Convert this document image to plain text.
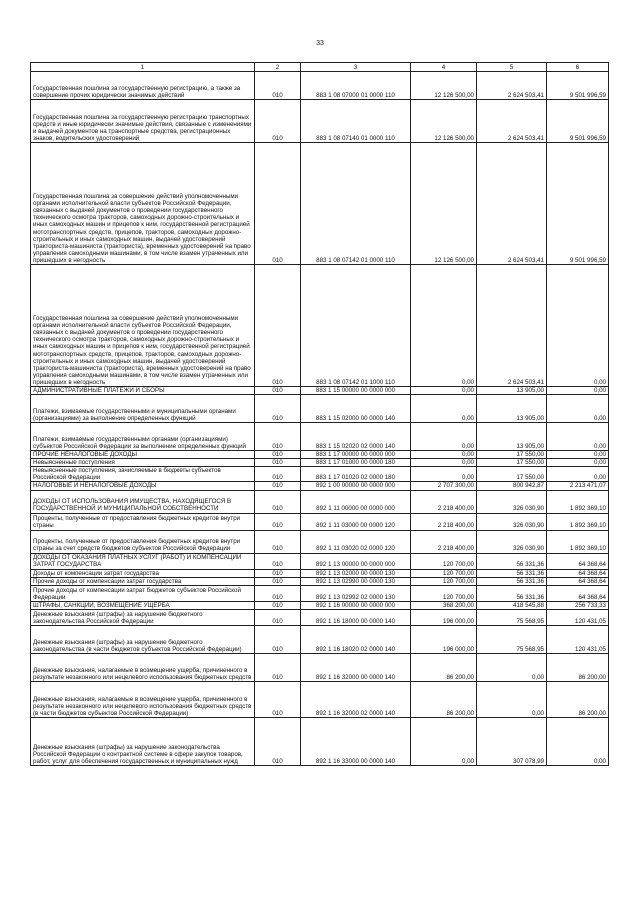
33
1	2	3	4	5	6
Государственная пошлина за государственную регистрацию, а также за совершение прочих юридически значимых действий	010	883 1 08 07000 01 0000 110	12 126 500,00	2 624 503,41	9 501 996,59
Государственная пошлина за государственную регистрацию транспортных средств и иные юридически значимые действия, связанные с изменениями и выдачей документов на транспортные средства, регистрационных знаков, водительских удостоверений	010	883 1 08 07140 01 0000 110	12 126 500,00	2 624 503,41	9 501 996,59
Государственная пошлина за совершение действий уполномоченными органами исполнительной власти субъектов Российской Федерации, связанных с выдачей документов о проведении государственного технического осмотра тракторов, самоходных дорожно-строительных и иных самоходных машин и прицепов к ним, государственной регистрацией мототранспортных средств, прицепов, тракторов, самоходных дорожно-строительных и иных самоходных машин, выдачей удостоверений тракториста-машиниста (тракториста), временных удостоверений на право управления самоходными машинами, в том числе взамен утраченных или пришедших в негодность	010	883 1 08 07142 01 0000 110	12 126 500,00	2 624 503,41	9 501 996,59
Государственная пошлина за совершение действий уполномоченными органами исполнительной власти субъектов Российской Федерации, связанных с выдачей документов о проведении государственного технического осмотра тракторов, самоходных дорожно-строительных и иных самоходных машин и прицепов к ним, государственной регистрацией мототранспортных средств, прицепов, тракторов, самоходных дорожно-строительных и иных самоходных машин, выдачей удостоверений тракториста-машиниста (тракториста), временных удостоверений на право управления самоходными машинами, в том числе взамен утраченных или пришедших в негодность	010	883 1 08 07142 01 1000 110	0,00	2 624 503,41	0,00
АДМИНИСТРАТИВНЫЕ ПЛАТЕЖИ И СБОРЫ	010	883 1 15 00000 00 0000 000	0,00	13 905,00	0,00
Платежи, взимаемые государственными и муниципальными органами (организациями) за выполнение определенных функций	010	883 1 15 02000 00 0000 140	0,00	13 905,00	0,00
Платежи, взимаемые государственными органами (организациями) субъектов Российской Федерации за выполнение определенных функций	010	883 1 15 02020 02 0000 140	0,00	13 905,00	0,00
ПРОЧИЕ НЕНАЛОГОВЫЕ ДОХОДЫ	010	883 1 17 00000 00 0000 000	0,00	17 550,00	0,00
Невыясненные поступления	010	883 1 17 01000 00 0000 180	0,00	17 550,00	0,00
Невыясненные поступления, зачисляемые в бюджеты субъектов Российской Федерации	010	883 1 17 01020 02 0000 180	0,00	17 550,00	0,00
НАЛОГОВЫЕ И НЕНАЛОГОВЫЕ ДОХОДЫ	010	892 1 00 00000 00 0000 000	2 707 300,00	800 942,87	2 213 471,07
ДОХОДЫ ОТ ИСПОЛЬЗОВАНИЯ ИМУЩЕСТВА, НАХОДЯЩЕГОСЯ В ГОСУДАРСТВЕННОЙ И МУНИЦИПАЛЬНОЙ СОБСТВЕННОСТИ	010	892 1 11 00000 00 0000 000	2 218 400,00	326 030,90	1 892 369,10
Проценты, полученные от предоставления бюджетных кредитов внутри страны	010	892 1 11 03000 00 0000 120	2 218 400,00	326 030,90	1 892 369,10
Проценты, полученные от предоставления бюджетных кредитов внутри страны за счет средств бюджетов субъектов Российской Федерации	010	892 1 11 03020 02 0000 120	2 218 400,00	326 030,90	1 892 369,10
ДОХОДЫ ОТ ОКАЗАНИЯ ПЛАТНЫХ УСЛУГ (РАБОТ) И КОМПЕНСАЦИИ ЗАТРАТ ГОСУДАРСТВА	010	892 1 13 00000 00 0000 000	120 700,00	56 331,36	64 368,64
Доходы от компенсации затрат государства	010	892 1 13 02000 00 0000 130	120 700,00	56 331,36	64 368,64
Прочие доходы от компенсации затрат государства	010	892 1 13 02990 00 0000 130	120 700,00	56 331,36	64 368,64
Прочие доходы от компенсации затрат бюджетов субъектов Российской Федерации	010	892 1 13 02992 02 0000 130	120 700,00	56 331,36	64 368,64
ШТРАФЫ, САНКЦИИ, ВОЗМЕЩЕНИЕ УЩЕРБА	010	892 1 16 00000 00 0000 000	368 200,00	418 545,88	256 733,33
Денежные взыскания (штрафы) за нарушение бюджетного законодательства Российской Федерации	010	892 1 16 18000 00 0000 140	196 000,00	75 568,95	120 431,05
Денежные взыскания (штрафы) за нарушение бюджетного законодательства (в части бюджетов субъектов Российской Федерации)	010	892 1 16 18020 02 0000 140	196 000,00	75 568,95	120 431,05
Денежные взыскания, налагаемые в возмещение ущерба, причиненного в результате незаконного или нецелевого использования бюджетных средств	010	892 1 16 32000 00 0000 140	86 200,00	0,00	86 200,00
Денежные взыскания, налагаемые в возмещение ущерба, причиненного в результате незаконного или нецелевого использования бюджетных средств (в части бюджетов субъектов Российской Федерации)	010	892 1 16 32000 02 0000 140	86 200,00	0,00	86 200,00
Денежные взыскания (штрафы) за нарушение законодательства Российской Федерации о контрактной системе в сфере закупок товаров, работ, услуг для обеспечения государственных и муниципальных нужд	010	892 1 16 33000 00 0000 140	0,00	307 078,99	0,00
